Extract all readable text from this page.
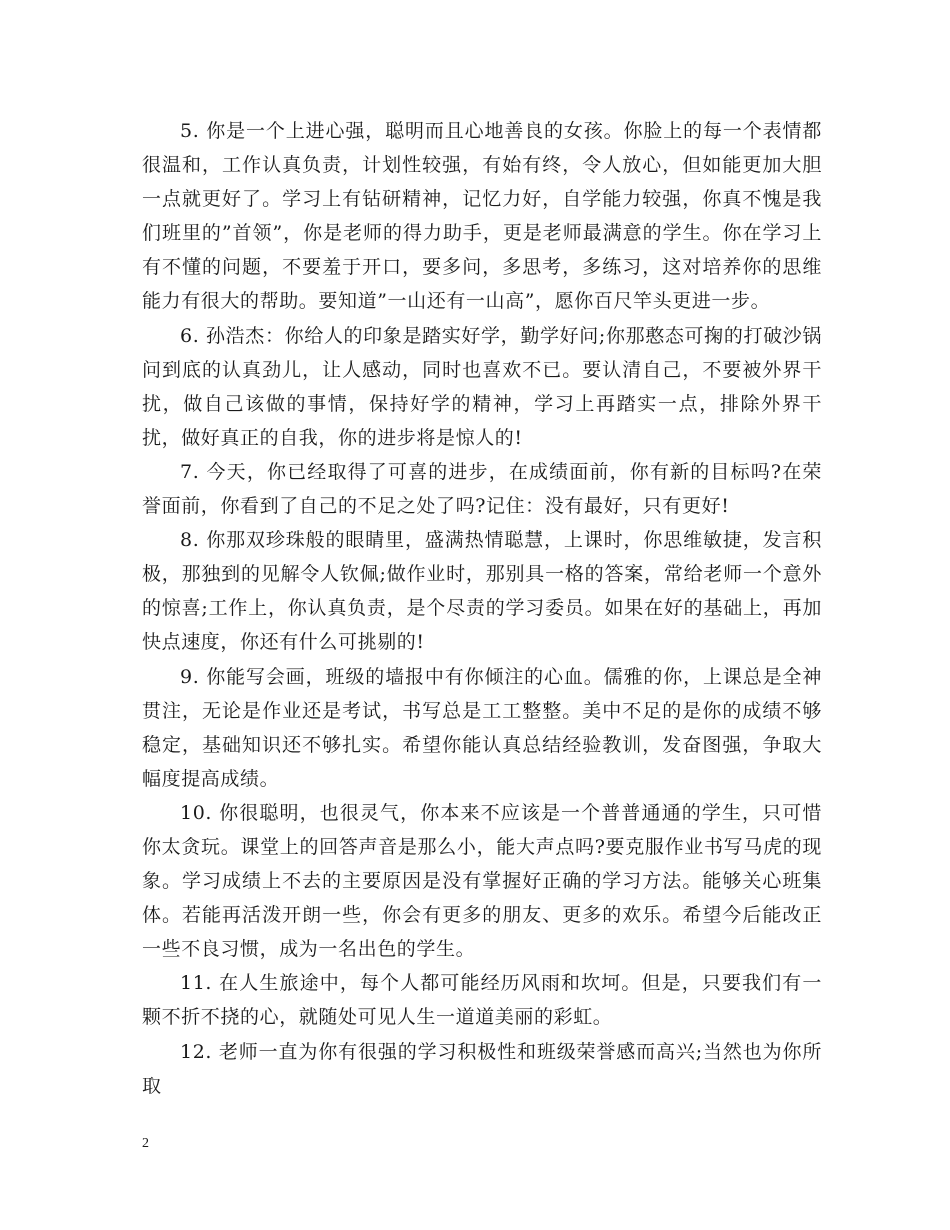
5. 你是一个上进心强，聪明而且心地善良的女孩。你脸上的每一个表情都很温和，工作认真负责，计划性较强，有始有终，令人放心，但如能更加大胆一点就更好了。学习上有钻研精神，记忆力好，自学能力较强，你真不愧是我们班里的”首领”，你是老师的得力助手，更是老师最满意的学生。你在学习上有不懂的问题，不要羞于开口，要多问，多思考，多练习，这对培养你的思维能力有很大的帮助。要知道”一山还有一山高”，愿你百尺竿头更进一步。

6. 孙浩杰：你给人的印象是踏实好学，勤学好问;你那憨态可掬的打破沙锅问到底的认真劲儿，让人感动，同时也喜欢不已。要认清自己，不要被外界干扰，做自己该做的事情，保持好学的精神，学习上再踏实一点，排除外界干扰，做好真正的自我，你的进步将是惊人的!

7. 今天，你已经取得了可喜的进步，在成绩面前，你有新的目标吗?在荣誉面前，你看到了自己的不足之处了吗?记住：没有最好，只有更好!

8. 你那双珍珠般的眼睛里，盛满热情聪慧，上课时，你思维敏捷，发言积极，那独到的见解令人钦佩;做作业时，那别具一格的答案，常给老师一个意外的惊喜;工作上，你认真负责，是个尽责的学习委员。如果在好的基础上，再加快点速度，你还有什么可挑剔的!

9. 你能写会画，班级的墙报中有你倾注的心血。儒雅的你，上课总是全神贯注，无论是作业还是考试，书写总是工工整整。美中不足的是你的成绩不够稳定，基础知识还不够扎实。希望你能认真总结经验教训，发奋图强，争取大幅度提高成绩。

10. 你很聪明，也很灵气，你本来不应该是一个普普通通的学生，只可惜你太贪玩。课堂上的回答声音是那么小，能大声点吗?要克服作业书写马虎的现象。学习成绩上不去的主要原因是没有掌握好正确的学习方法。能够关心班集体。若能再活泼开朗一些，你会有更多的朋友、更多的欢乐。希望今后能改正一些不良习惯，成为一名出色的学生。

11. 在人生旅途中，每个人都可能经历风雨和坎坷。但是，只要我们有一颗不折不挠的心，就随处可见人生一道道美丽的彩虹。

12. 老师一直为你有很强的学习积极性和班级荣誉感而高兴;当然也为你所取

2
